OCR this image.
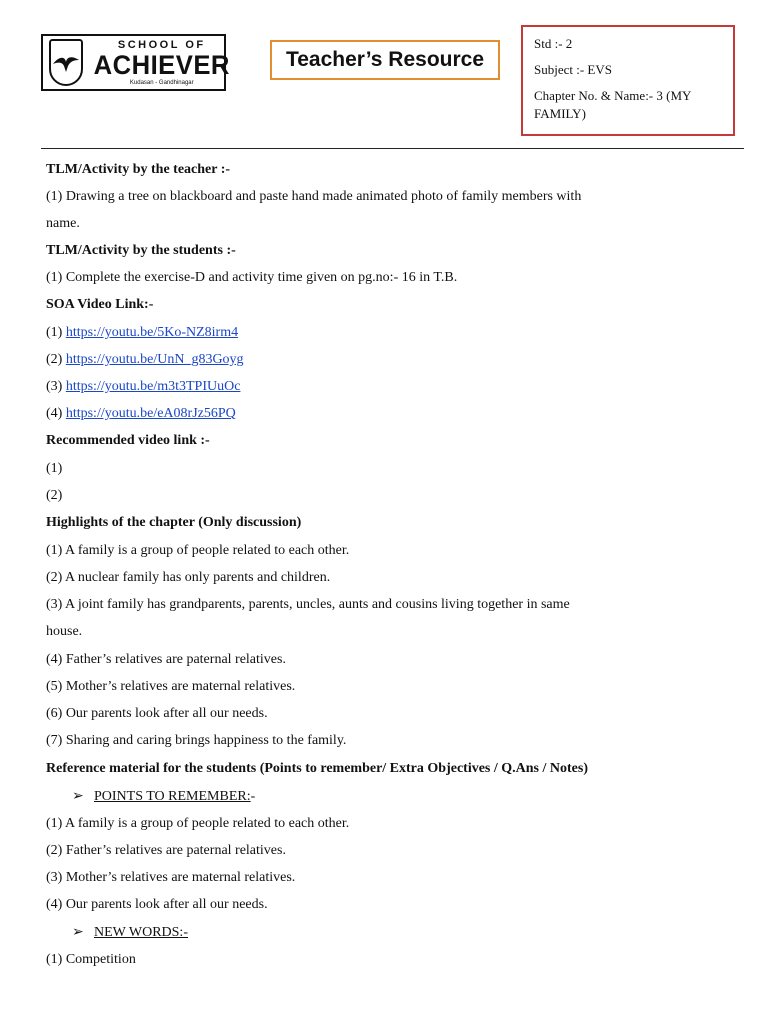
SCHOOL OF
ACHIEVER
Kudasan - Gandhinagar
Teacher’s Resource

Std :- 2

Subject :- EVS

Chapter No. & Name:- 3 (MY
FAMILY)

TLM/Activity by the teacher :-
(1) Drawing a tree on blackboard and paste hand made animated photo of family members with
name.
TLM/Activity by the students :-
(1) Complete the exercise-D and activity time given on pg.no:- 16 in T.B.
SOA Video Link:-
(1) https://youtu.be/5Ko-NZ8irm4
(2) https://youtu.be/UnN_g83Goyg
(3) https://youtu.be/m3t3TPIUuOc
(4) https://youtu.be/eA08rJz56PQ
Recommended video link :-
(1)
(2)
Highlights of the chapter (Only discussion)
(1) A family is a group of people related to each other.
(2) A nuclear family has only parents and children.
(3) A joint family has grandparents, parents, uncles, aunts and cousins living together in same
house.
(4) Father’s relatives are paternal relatives.
(5) Mother’s relatives are maternal relatives.
(6) Our parents look after all our needs.
(7) Sharing and caring brings happiness to the family.
Reference material for the students (Points to remember/ Extra Objectives / Q.Ans / Notes)
➢ POINTS TO REMEMBER:-
(1) A family is a group of people related to each other.
(2) Father’s relatives are paternal relatives.
(3) Mother’s relatives are maternal relatives.
(4) Our parents look after all our needs.
➢ NEW WORDS:-
(1) Competition
